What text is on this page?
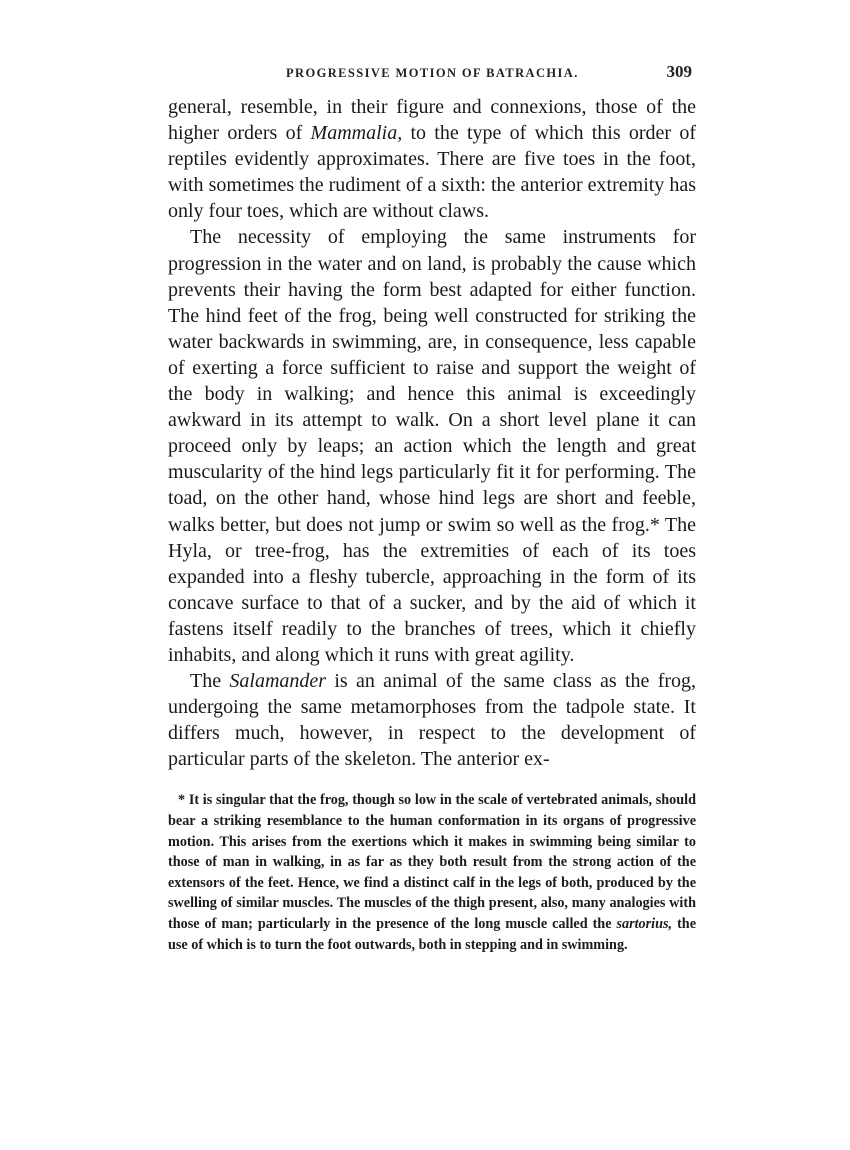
PROGRESSIVE MOTION OF BATRACHIA.	309

general, resemble, in their figure and connexions, those of the higher orders of Mammalia, to the type of which this order of reptiles evidently approximates. There are five toes in the foot, with sometimes the rudiment of a sixth: the anterior extremity has only four toes, which are without claws.

The necessity of employing the same instruments for progression in the water and on land, is probably the cause which prevents their having the form best adapted for either function. The hind feet of the frog, being well constructed for striking the water backwards in swimming, are, in consequence, less capable of exerting a force sufficient to raise and support the weight of the body in walking; and hence this animal is exceedingly awkward in its attempt to walk. On a short level plane it can proceed only by leaps; an action which the length and great muscularity of the hind legs particularly fit it for performing. The toad, on the other hand, whose hind legs are short and feeble, walks better, but does not jump or swim so well as the frog.* The Hyla, or tree-frog, has the extremities of each of its toes expanded into a fleshy tubercle, approaching in the form of its concave surface to that of a sucker, and by the aid of which it fastens itself readily to the branches of trees, which it chiefly inhabits, and along which it runs with great agility.

The Salamander is an animal of the same class as the frog, undergoing the same metamorphoses from the tadpole state. It differs much, however, in respect to the development of particular parts of the skeleton. The anterior ex-

* It is singular that the frog, though so low in the scale of vertebrated animals, should bear a striking resemblance to the human conformation in its organs of progressive motion. This arises from the exertions which it makes in swimming being similar to those of man in walking, in as far as they both result from the strong action of the extensors of the feet. Hence, we find a distinct calf in the legs of both, produced by the swelling of similar muscles. The muscles of the thigh present, also, many analogies with those of man; particularly in the presence of the long muscle called the sartorius, the use of which is to turn the foot outwards, both in stepping and in swimming.
